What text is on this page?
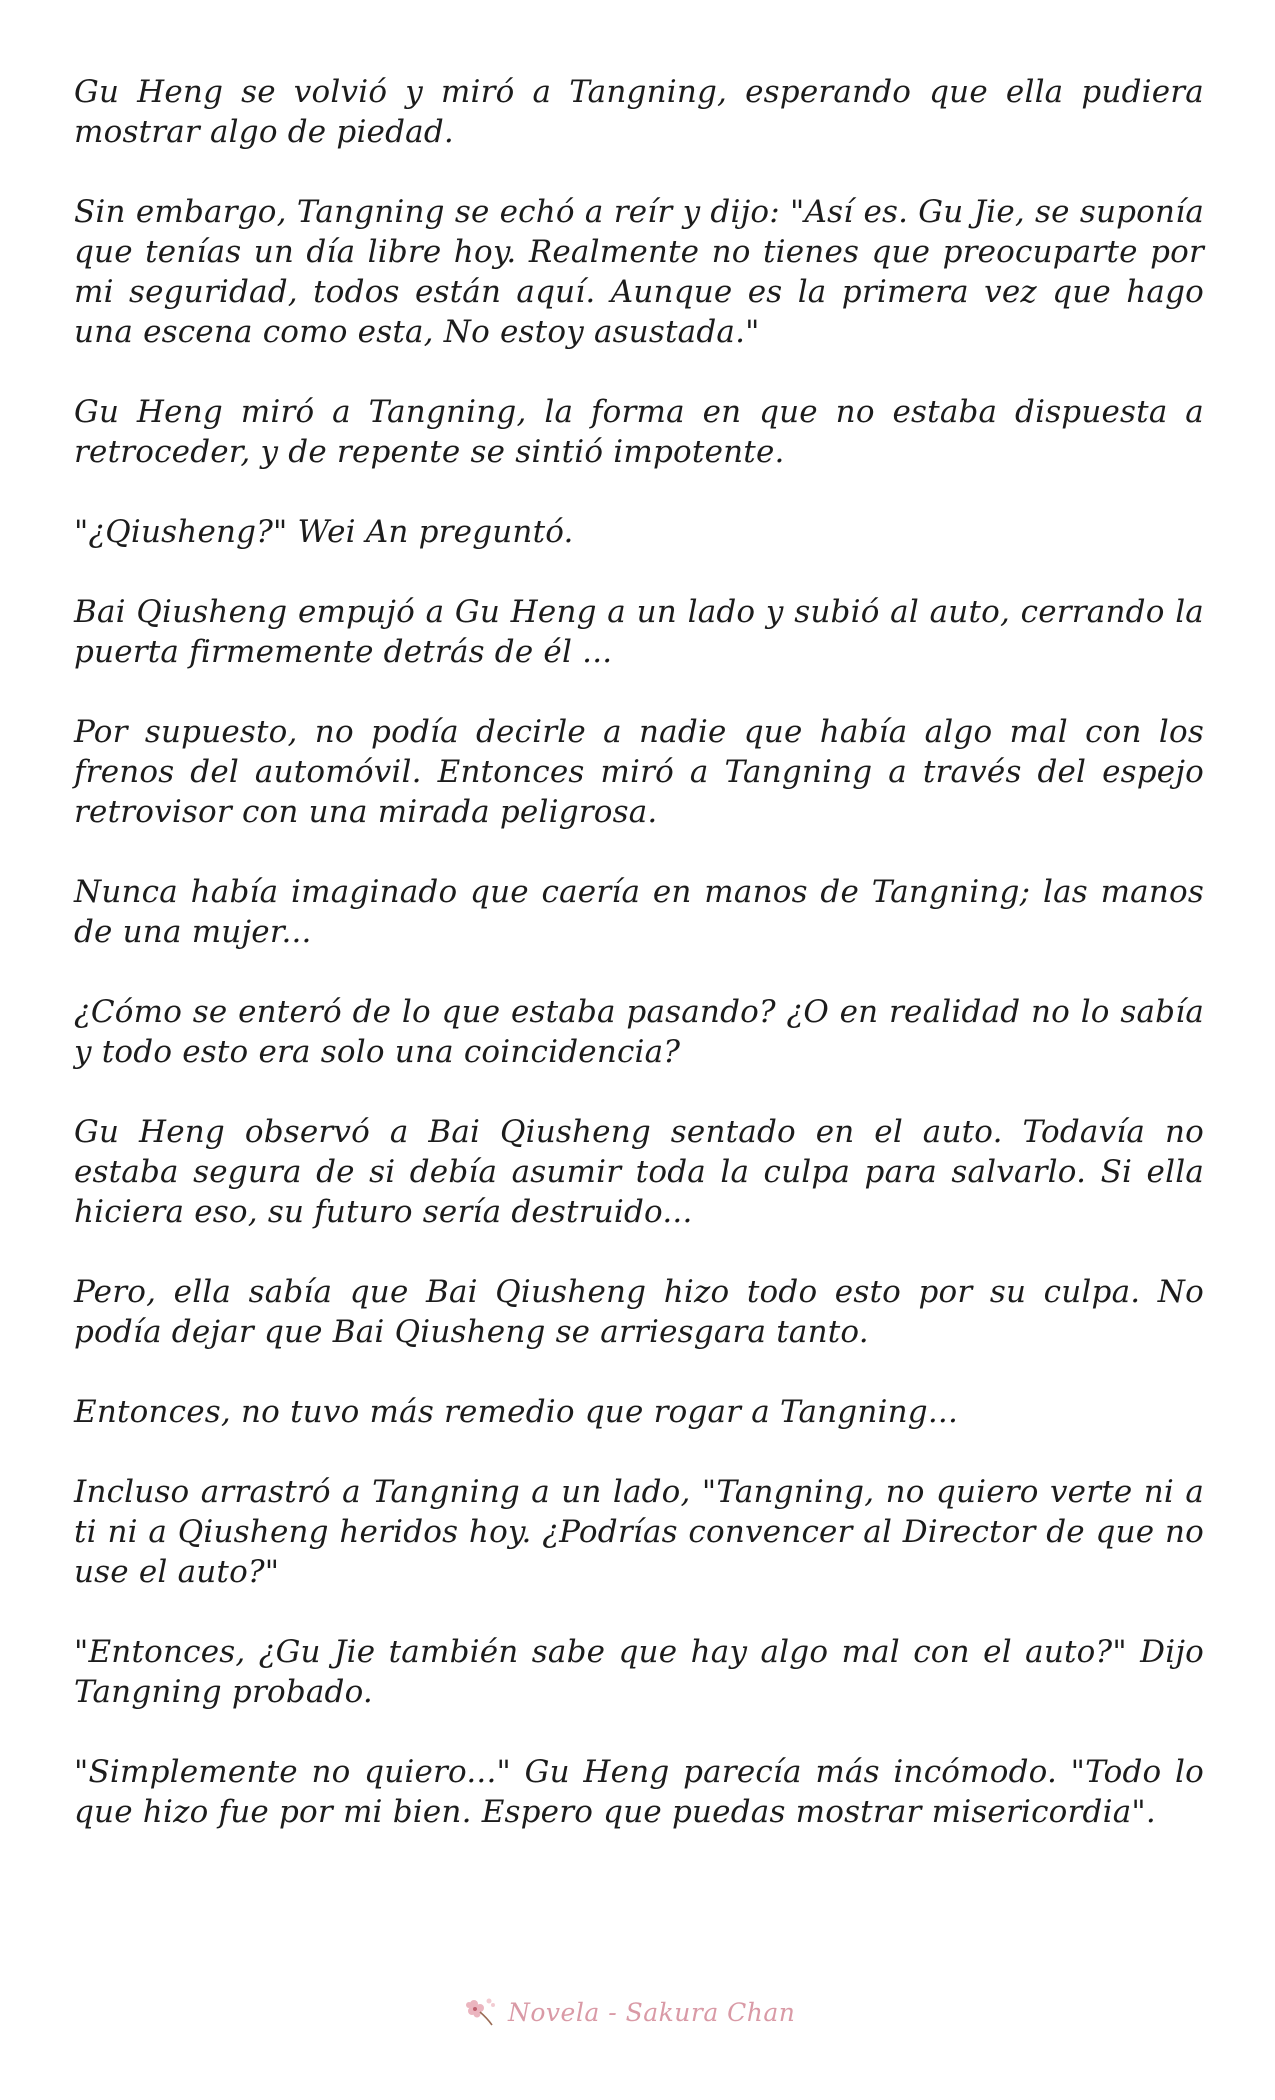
Gu Heng se volvió y miró a Tangning, esperando que ella pudiera mostrar algo de piedad.

Sin embargo, Tangning se echó a reír y dijo: "Así es. Gu Jie, se suponía que tenías un día libre hoy. Realmente no tienes que preocuparte por mi seguridad, todos están aquí. Aunque es la primera vez que hago una escena como esta, No estoy asustada."

Gu Heng miró a Tangning, la forma en que no estaba dispuesta a retroceder, y de repente se sintió impotente.

"¿Qiusheng?" Wei An preguntó.

Bai Qiusheng empujó a Gu Heng a un lado y subió al auto, cerrando la puerta firmemente detrás de él ...

Por supuesto, no podía decirle a nadie que había algo mal con los frenos del automóvil. Entonces miró a Tangning a través del espejo retrovisor con una mirada peligrosa.

Nunca había imaginado que caería en manos de Tangning; las manos de una mujer...

¿Cómo se enteró de lo que estaba pasando? ¿O en realidad no lo sabía y todo esto era solo una coincidencia?

Gu Heng observó a Bai Qiusheng sentado en el auto. Todavía no estaba segura de si debía asumir toda la culpa para salvarlo. Si ella hiciera eso, su futuro sería destruido...

Pero, ella sabía que Bai Qiusheng hizo todo esto por su culpa. No podía dejar que Bai Qiusheng se arriesgara tanto.

Entonces, no tuvo más remedio que rogar a Tangning...

Incluso arrastró a Tangning a un lado, "Tangning, no quiero verte ni a ti ni a Qiusheng heridos hoy. ¿Podrías convencer al Director de que no use el auto?"

"Entonces, ¿Gu Jie también sabe que hay algo mal con el auto?" Dijo Tangning probado.

"Simplemente no quiero..." Gu Heng parecía más incómodo. "Todo lo que hizo fue por mi bien. Espero que puedas mostrar misericordia".

Novela - Sakura Chan
